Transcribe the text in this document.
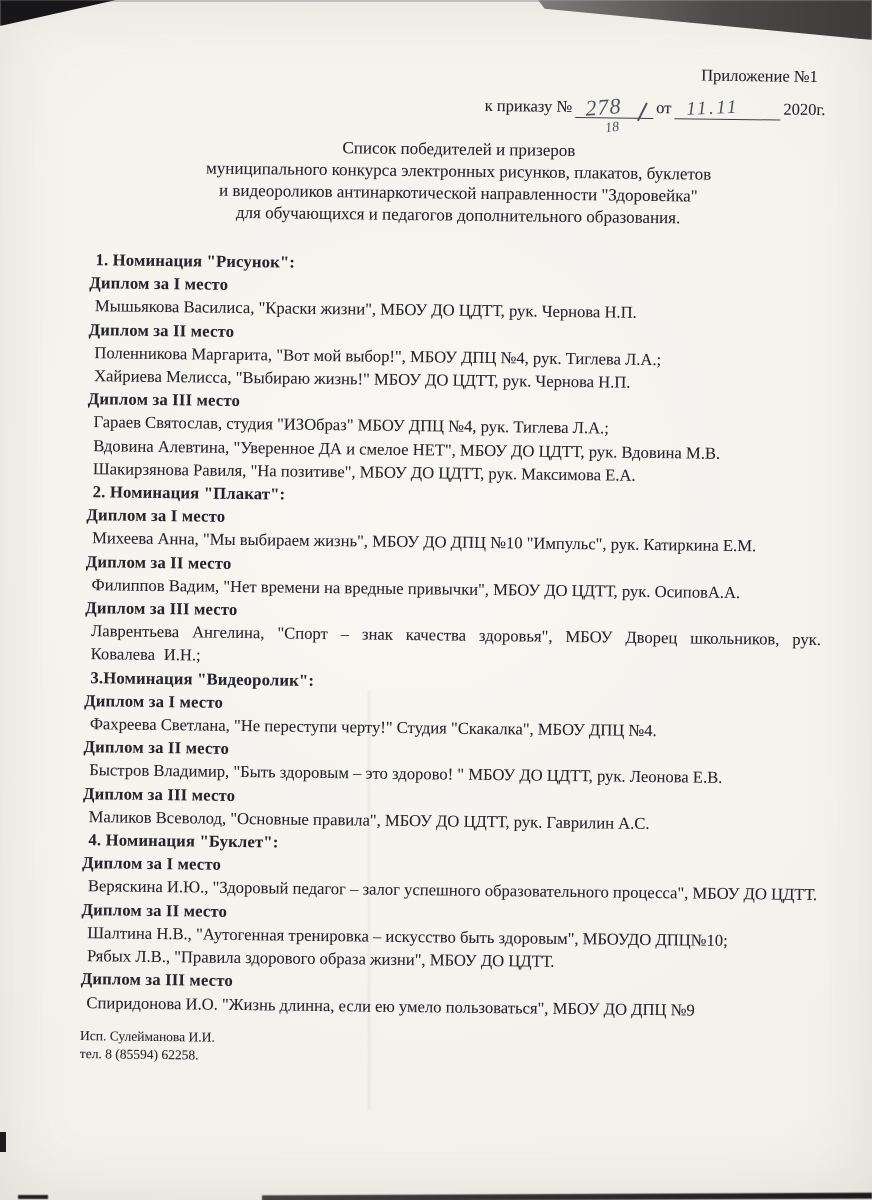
Приложение №1
к приказу № 278
18
от 11.11	2020г.

Список победителей и призеров

муниципального конкурса электронных рисунков, плакатов, буклетов

и видеороликов антинаркотической направленности "Здоровейка"

для обучающихся и педагогов дополнительного образования.

1. Номинация "Рисунок":

Диплом за I место

Мышьякова Василиса, "Краски жизни", МБОУ ДО ЦДТТ, рук. Чернова Н.П.

Диплом за II место

Поленникова Маргарита, "Вот мой выбор!", МБОУ ДПЦ №4, рук. Тиглева Л.А.;

Хайриева Мелисса, "Выбираю жизнь!" МБОУ ДО ЦДТТ, рук. Чернова Н.П.

Диплом за III место

Гараев Святослав, студия "ИЗОбраз" МБОУ ДПЦ №4, рук. Тиглева Л.А.;

Вдовина Алевтина, "Уверенное ДА и смелое НЕТ", МБОУ ДО ЦДТТ, рук. Вдовина М.В.

Шакирзянова Равиля, "На позитиве", МБОУ ДО ЦДТТ, рук. Максимова Е.А.

2. Номинация "Плакат":

Диплом за I место

Михеева Анна, "Мы выбираем жизнь", МБОУ ДО ДПЦ №10 "Импульс", рук. Катиркина Е.М.

Диплом за II место

Филиппов Вадим, "Нет времени на вредные привычки", МБОУ ДО ЦДТТ, рук. ОсиповА.А.

Диплом за III место

Лаврентьева Ангелина, "Спорт – знак качества здоровья", МБОУ Дворец школьников, рук. Ковалева И.Н.;

3.Номинация "Видеоролик":

Диплом за I место

Фахреева Светлана, "Не переступи черту!" Студия "Скакалка", МБОУ ДПЦ №4.

Диплом за II место

Быстров Владимир, "Быть здоровым – это здорово! " МБОУ ДО ЦДТТ, рук. Леонова Е.В.

Диплом за III место

Маликов Всеволод, "Основные правила", МБОУ ДО ЦДТТ, рук. Гаврилин А.С.

4. Номинация "Буклет":

Диплом за I место

Веряскина И.Ю., "Здоровый педагог – залог успешного образовательного процесса", МБОУ ДО ЦДТТ.

Диплом за II место

Шалтина Н.В., "Аутогенная тренировка – искусство быть здоровым", МБОУДО ДПЦ№10;

Рябых Л.В., "Правила здорового образа жизни", МБОУ ДО ЦДТТ.

Диплом за III место

Спиридонова И.О. "Жизнь длинна, если ею умело пользоваться", МБОУ ДО ДПЦ №9

Исп. Сулейманова И.И.

тел. 8 (85594) 62258.
